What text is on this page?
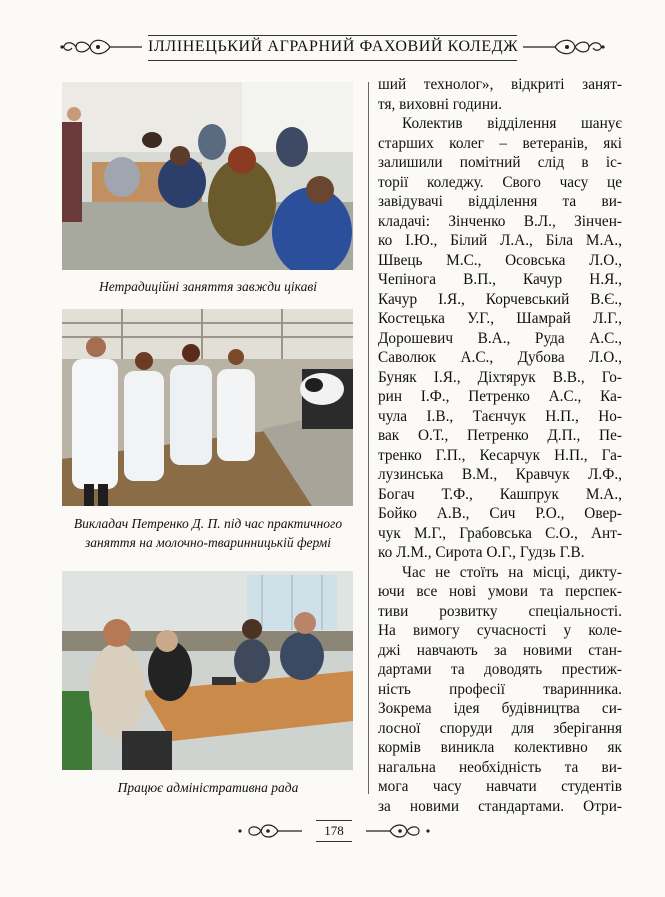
ІЛЛІНЕЦЬКИЙ АГРАРНИЙ ФАХОВИЙ КОЛЕДЖ
Нетрадиційні заняття завжди цікаві
Викладач Петренко Д. П. під час практичного
заняття на молочно-тваринницькій фермі
Працює адміністративна рада

ший технолог», відкриті занят-

тя, виховні години.

Колектив відділення шанує

старших колег – ветеранів, які

залишили помітний слід в іс-

торії коледжу. Свого часу це

завідувачі відділення та ви-

кладачі: Зінченко В.Л., Зінчен-

ко І.Ю., Білий Л.А., Біла М.А.,

Швець М.С., Осовська Л.О.,

Чепінога В.П., Качур Н.Я.,

Качур І.Я., Корчевський В.Є.,

Костецька У.Г., Шамрай Л.Г.,

Дорошевич В.А., Руда А.С.,

Саволюк А.С., Дубова Л.О.,

Буняк І.Я., Діхтярук В.В., Го-

рин І.Ф., Петренко А.С., Ка-

чула І.В., Таєнчук Н.П., Но-

вак О.Т., Петренко Д.П., Пе-

тренко Г.П., Кесарчук Н.П., Га-

лузинська В.М., Кравчук Л.Ф.,

Богач Т.Ф., Кашпрук М.А.,

Бойко А.В., Сич Р.О., Овер-

чук М.Г., Грабовська С.О., Ант-

ко Л.М., Сирота О.Г., Гудзь Г.В.

Час не стоїть на місці, дикту-

ючи все нові умови та перспек-

тиви розвитку спеціальності.

На вимогу сучасності у коле-

джі навчають за новими стан-

дартами та доводять престиж-

ність професії тваринника.

Зокрема ідея будівництва си-

лосної споруди для зберігання

кормів виникла колективно як

нагальна необхідність та ви-

мога часу навчати студентів

за новими стандартами. Отри-

178
